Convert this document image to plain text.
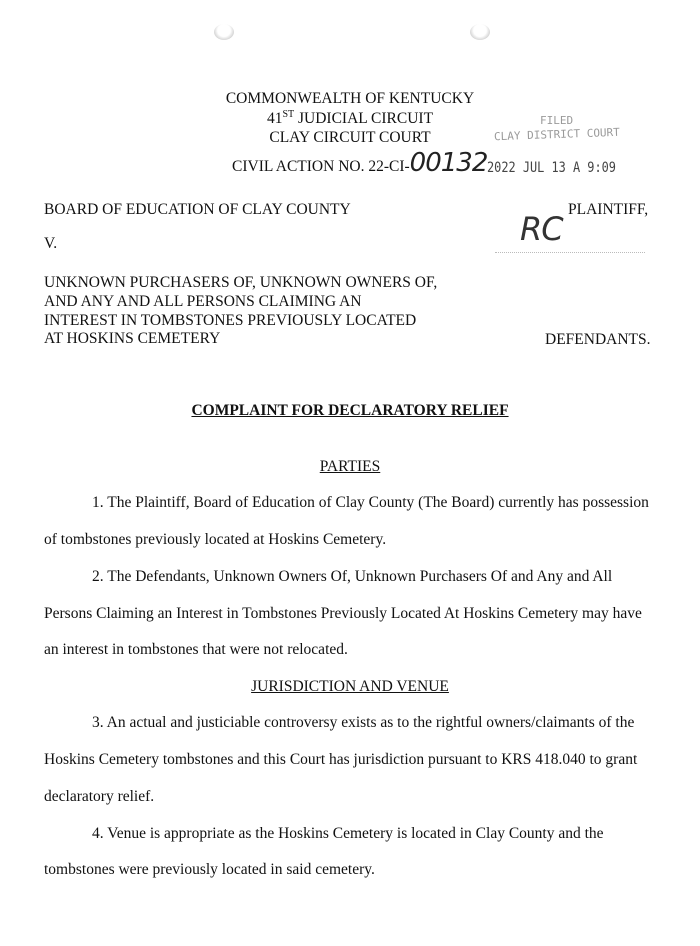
COMMONWEALTH OF KENTUCKY
41ST JUDICIAL CIRCUIT
CLAY CIRCUIT COURT
CIVIL ACTION NO. 22-CI-00132
FILED
CLAY DISTRICT COURT
2022 JUL 13 A 9:09
BOARD OF EDUCATION OF CLAY COUNTY	PLAINTIFF,
RC
V.
UNKNOWN PURCHASERS OF, UNKNOWN OWNERS OF,
AND ANY AND ALL PERSONS CLAIMING AN
INTEREST IN TOMBSTONES PREVIOUSLY LOCATED
AT HOSKINS CEMETERY	DEFENDANTS.
COMPLAINT FOR DECLARATORY RELIEF
PARTIES
1. The Plaintiff, Board of Education of Clay County (The Board) currently has possession
of tombstones previously located at Hoskins Cemetery.
2. The Defendants, Unknown Owners Of, Unknown Purchasers Of and Any and All
Persons Claiming an Interest in Tombstones Previously Located At Hoskins Cemetery may have
an interest in tombstones that were not relocated.
JURISDICTION AND VENUE
3. An actual and justiciable controversy exists as to the rightful owners/claimants of the
Hoskins Cemetery tombstones and this Court has jurisdiction pursuant to KRS 418.040 to grant
declaratory relief.
4. Venue is appropriate as the Hoskins Cemetery is located in Clay County and the
tombstones were previously located in said cemetery.
